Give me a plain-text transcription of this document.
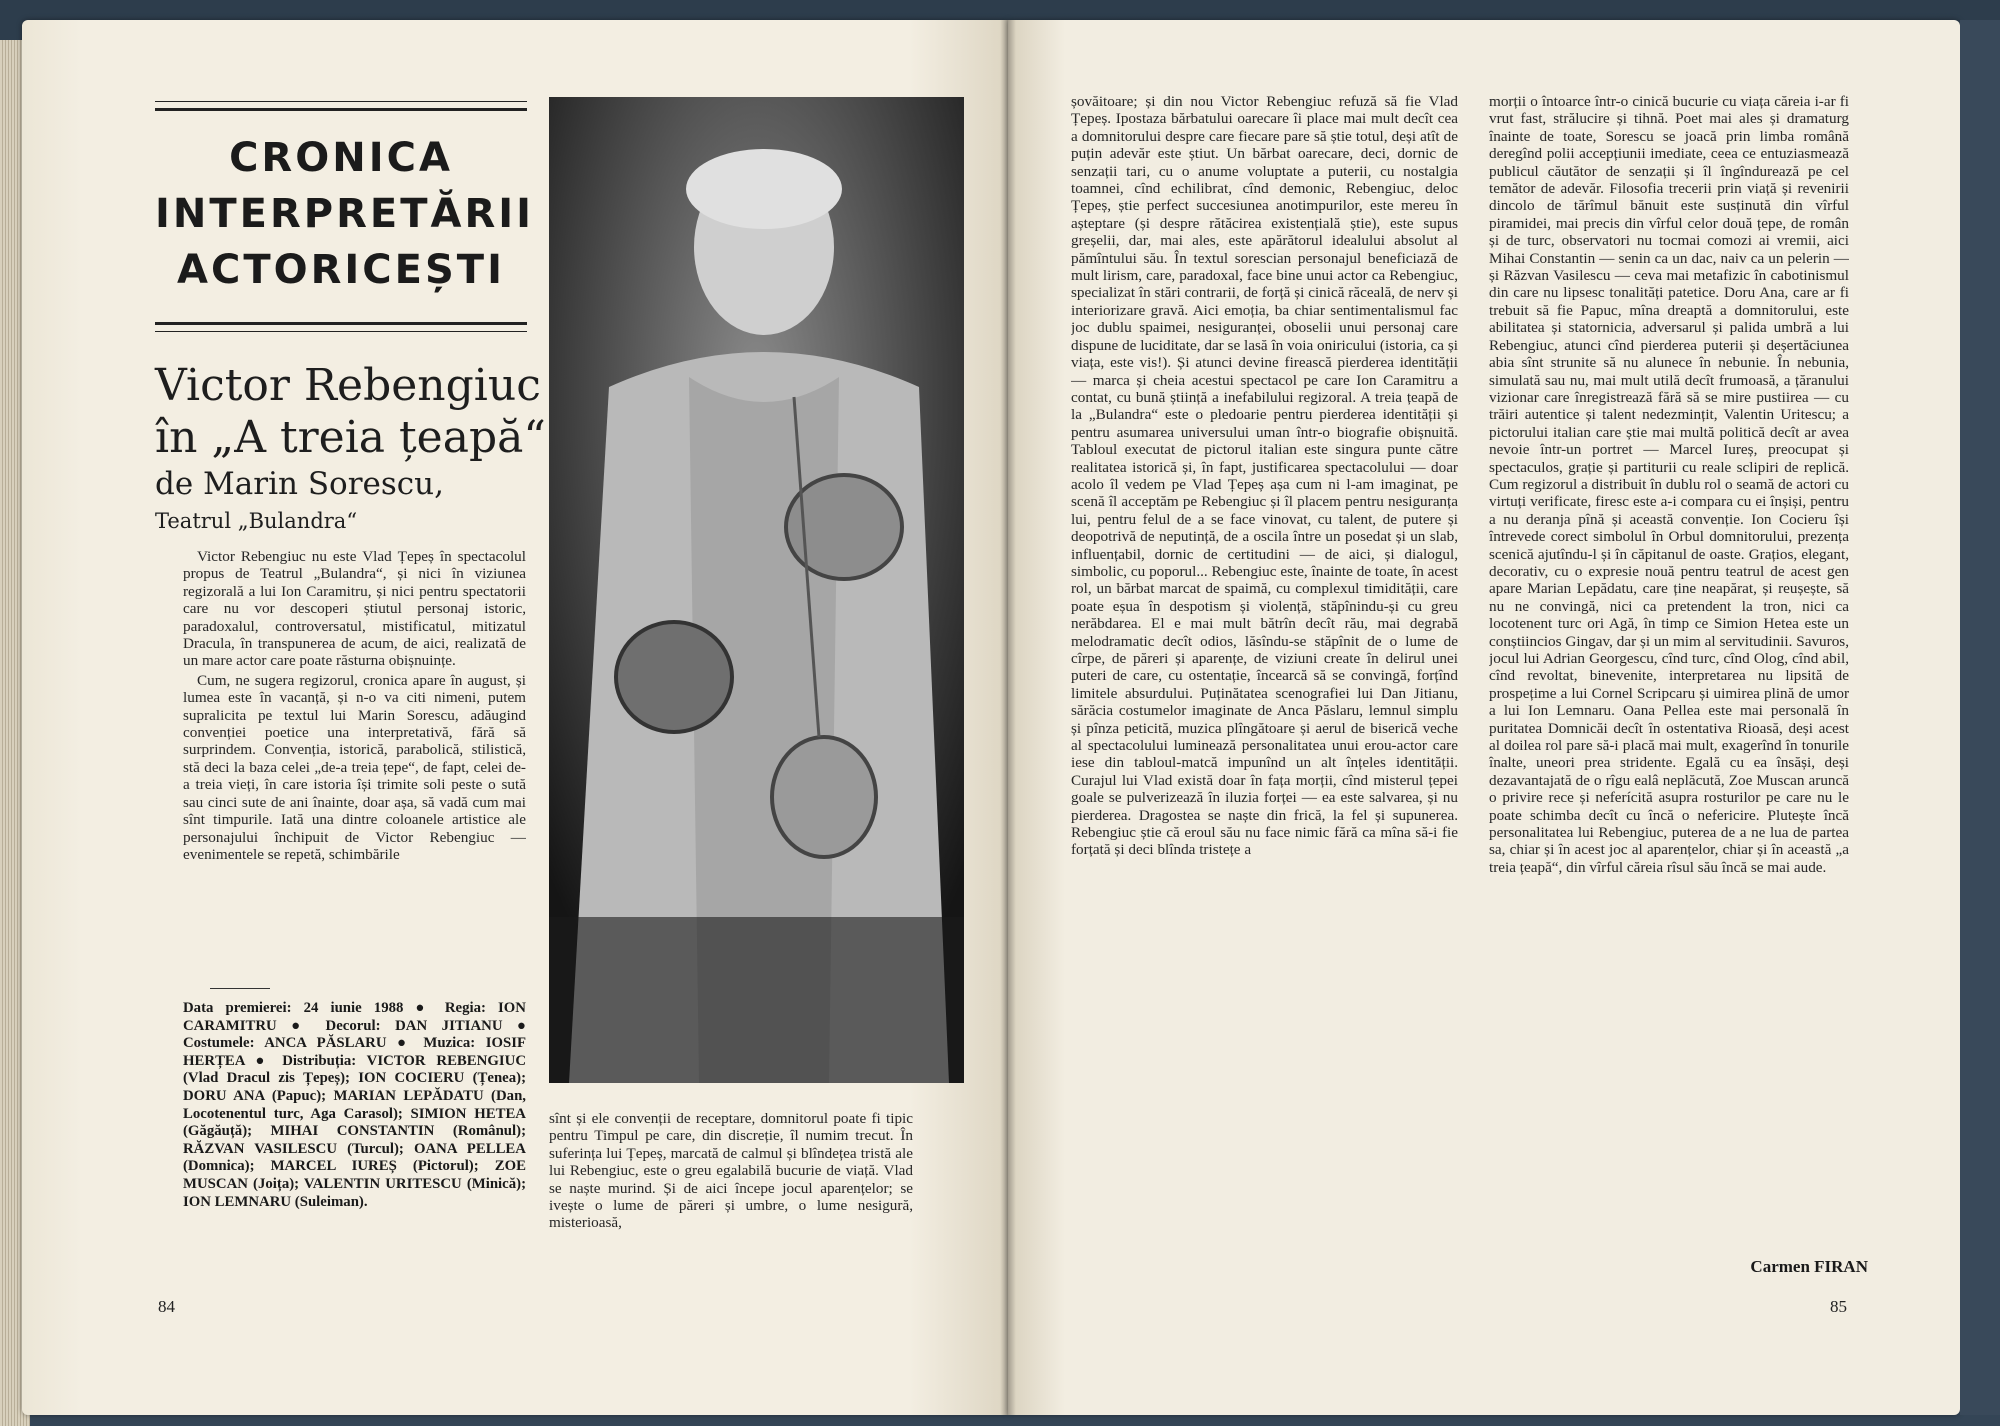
CRONICA
INTERPRETĂRII
ACTORICEȘTI
Victor Rebengiuc
în „A treia țeapă“
de Marin Sorescu,
Teatrul „Bulandra“

Victor Rebengiuc nu este Vlad Țepeș în spectacolul propus de Teatrul „Bulandra“, și nici în viziunea regizorală a lui Ion Caramitru, și nici pentru spectatorii care nu vor descoperi știutul personaj istoric, paradoxalul, controversatul, mistificatul, mitizatul Dracula, în transpunerea de acum, de aici, realizată de un mare actor care poate răsturna obișnuințe.

Cum, ne sugera regizorul, cronica apare în august, și lumea este în vacanță, și n-o va citi nimeni, putem supralicita pe textul lui Marin Sorescu, adăugind convenției poetice una interpretativă, fără să surprindem. Convenția, istorică, parabolică, stilistică, stă deci la baza celei „de-a treia țepe“, de fapt, celei de-a treia vieți, în care istoria își trimite soli peste o sută sau cinci sute de ani înainte, doar așa, să vadă cum mai sînt timpurile. Iată una dintre coloanele artistice ale personajului închipuit de Victor Rebengiuc — evenimentele se repetă, schimbările

Data premierei: 24 iunie 1988 ● Regia: ION CARAMITRU ● Decorul: DAN JITIANU ● Costumele: ANCA PĂSLARU ● Muzica: IOSIF HERȚEA ● Distribuția: VICTOR REBENGIUC (Vlad Dracul zis Țepeș); ION COCIERU (Țenea); DORU ANA (Papuc); MARIAN LEPĂDATU (Dan, Locotenentul turc, Aga Carasol); SIMION HETEA (Găgăuță); MIHAI CONSTANTIN (Românul); RĂZVAN VASILESCU (Turcul); OANA PELLEA (Domnica); MARCEL IUREȘ (Pictorul); ZOE MUSCAN (Joița); VALENTIN URITESCU (Minică); ION LEMNARU (Suleiman).

sînt și ele convenții de receptare, domnitorul poate fi tipic pentru Timpul pe care, din discreție, îl numim trecut. În suferința lui Țepeș, marcată de calmul și blîndețea tristă ale lui Rebengiuc, este o greu egalabilă bucurie de viață. Vlad se naște murind. Și de aici începe jocul aparențelor; se ivește o lume de păreri și umbre, o lume nesigură, misterioasă,

84

șovăitoare; și din nou Victor Rebengiuc refuză să fie Vlad Țepeș. Ipostaza bărbatului oarecare îi place mai mult decît cea a domnitorului despre care fiecare pare să știe totul, deși atît de puțin adevăr este știut. Un bărbat oarecare, deci, dornic de senzații tari, cu o anume voluptate a puterii, cu nostalgia toamnei, cînd echilibrat, cînd demonic, Rebengiuc, deloc Țepeș, știe perfect succesiunea anotimpurilor, este mereu în așteptare (și despre rătăcirea existențială știe), este supus greșelii, dar, mai ales, este apărătorul idealului absolut al pămîntului său. În textul sorescian personajul beneficiază de mult lirism, care, paradoxal, face bine unui actor ca Rebengiuc, specializat în stări contrarii, de forță și cinică răceală, de nerv și interiorizare gravă. Aici emoția, ba chiar sentimentalismul fac joc dublu spaimei, nesiguranței, oboselii unui personaj care dispune de luciditate, dar se lasă în voia oniricului (istoria, ca și viața, este vis!). Și atunci devine firească pierderea identității — marca și cheia acestui spectacol pe care Ion Caramitru a contat, cu bună știință a inefabilului regizoral. A treia țeapă de la „Bulandra“ este o pledoarie pentru pierderea identității și pentru asumarea universului uman într-o biografie obișnuită. Tabloul executat de pictorul italian este singura punte către realitatea istorică și, în fapt, justificarea spectacolului — doar acolo îl vedem pe Vlad Țepeș așa cum ni l-am imaginat, pe scenă îl acceptăm pe Rebengiuc și îl placem pentru nesiguranța lui, pentru felul de a se face vinovat, cu talent, de putere și deopotrivă de neputință, de a oscila între un posedat și un slab, influențabil, dornic de certitudini — de aici, și dialogul, simbolic, cu poporul... Rebengiuc este, înainte de toate, în acest rol, un bărbat marcat de spaimă, cu complexul timidității, care poate eșua în despotism și violență, stăpînindu-și cu greu nerăbdarea. El e mai mult bătrîn decît rău, mai degrabă melodramatic decît odios, lăsîndu-se stăpînit de o lume de cîrpe, de păreri și aparențe, de viziuni create în delirul unei puteri de care, cu ostentație, încearcă să se convingă, forțînd limitele absurdului. Puținătatea scenografiei lui Dan Jitianu, sărăcia costumelor imaginate de Anca Păslaru, lemnul simplu și pînza peticită, muzica plîngătoare și aerul de biserică veche al spectacolului luminează personalitatea unui erou-actor care iese din tabloul-matcă impunînd un alt înțeles identității. Curajul lui Vlad există doar în fața morții, cînd misterul țepei goale se pulverizează în iluzia forței — ea este salvarea, și nu pierderea. Dragostea se naște din frică, la fel și supunerea. Rebengiuc știe că eroul său nu face nimic fără ca mîna să-i fie forțată și deci blînda tristețe a

morții o întoarce într-o cinică bucurie cu viața căreia i-ar fi vrut fast, strălucire și tihnă. Poet mai ales și dramaturg înainte de toate, Sorescu se joacă prin limba română deregînd polii accepțiunii imediate, ceea ce entuziasmează publicul căutător de senzații și îl îngîndurează pe cel temător de adevăr. Filosofia trecerii prin viață și revenirii dincolo de tărîmul bănuit este susținută din vîrful piramidei, mai precis din vîrful celor două țepe, de român și de turc, observatori nu tocmai comozi ai vremii, aici Mihai Constantin — senin ca un dac, naiv ca un pelerin — și Răzvan Vasilescu — ceva mai metafizic în cabotinismul din care nu lipsesc tonalități patetice. Doru Ana, care ar fi trebuit să fie Papuc, mîna dreaptă a domnitorului, este abilitatea și statornicia, adversarul și palida umbră a lui Rebengiuc, atunci cînd pierderea puterii și deșertăciunea abia sînt strunite să nu alunece în nebunie. În nebunia, simulată sau nu, mai mult utilă decît frumoasă, a țăranului vizionar care înregistrează fără să se mire pustiirea — cu trăiri autentice și talent nedezmințit, Valentin Uritescu; a pictorului italian care știe mai multă politică decît ar avea nevoie într-un portret — Marcel Iureș, preocupat și spectaculos, grație și partiturii cu reale sclipiri de replică. Cum regizorul a distribuit în dublu rol o seamă de actori cu virtuți verificate, firesc este a-i compara cu ei înșiși, pentru a nu deranja pînă și această convenție. Ion Cocieru își întrevede corect simbolul în Orbul domnitorului, prezența scenică ajutîndu-l și în căpitanul de oaste. Grațios, elegant, decorativ, cu o expresie nouă pentru teatrul de acest gen apare Marian Lepădatu, care ține neapărat, și reușește, să nu ne convingă, nici ca pretendent la tron, nici ca locotenent turc ori Agă, în timp ce Simion Hetea este un conștiincios Gingav, dar și un mim al servitudinii. Savuros, jocul lui Adrian Georgescu, cînd turc, cînd Olog, cînd abil, cînd revoltat, binevenite, interpretarea nu lipsită de prospețime a lui Cornel Scripcaru și uimirea plină de umor a lui Ion Lemnaru. Oana Pellea este mai personală în puritatea Domnicăi decît în ostentativa Rioasă, deși acest al doilea rol pare să-i placă mai mult, exagerînd în tonurile înalte, uneori prea stridente. Egală cu ea însăși, deși dezavantajată de o rîgu ealâ neplăcută, Zoe Muscan aruncă o privire rece și neferícită asupra rosturilor pe care nu le poate schimba decît cu încă o nefericire. Plutește încă personalitatea lui Rebengiuc, puterea de a ne lua de partea sa, chiar și în acest joc al aparențelor, chiar și în această „a treia țeapă“, din vîrful căreia rîsul său încă se mai aude.

Carmen FIRAN
85
